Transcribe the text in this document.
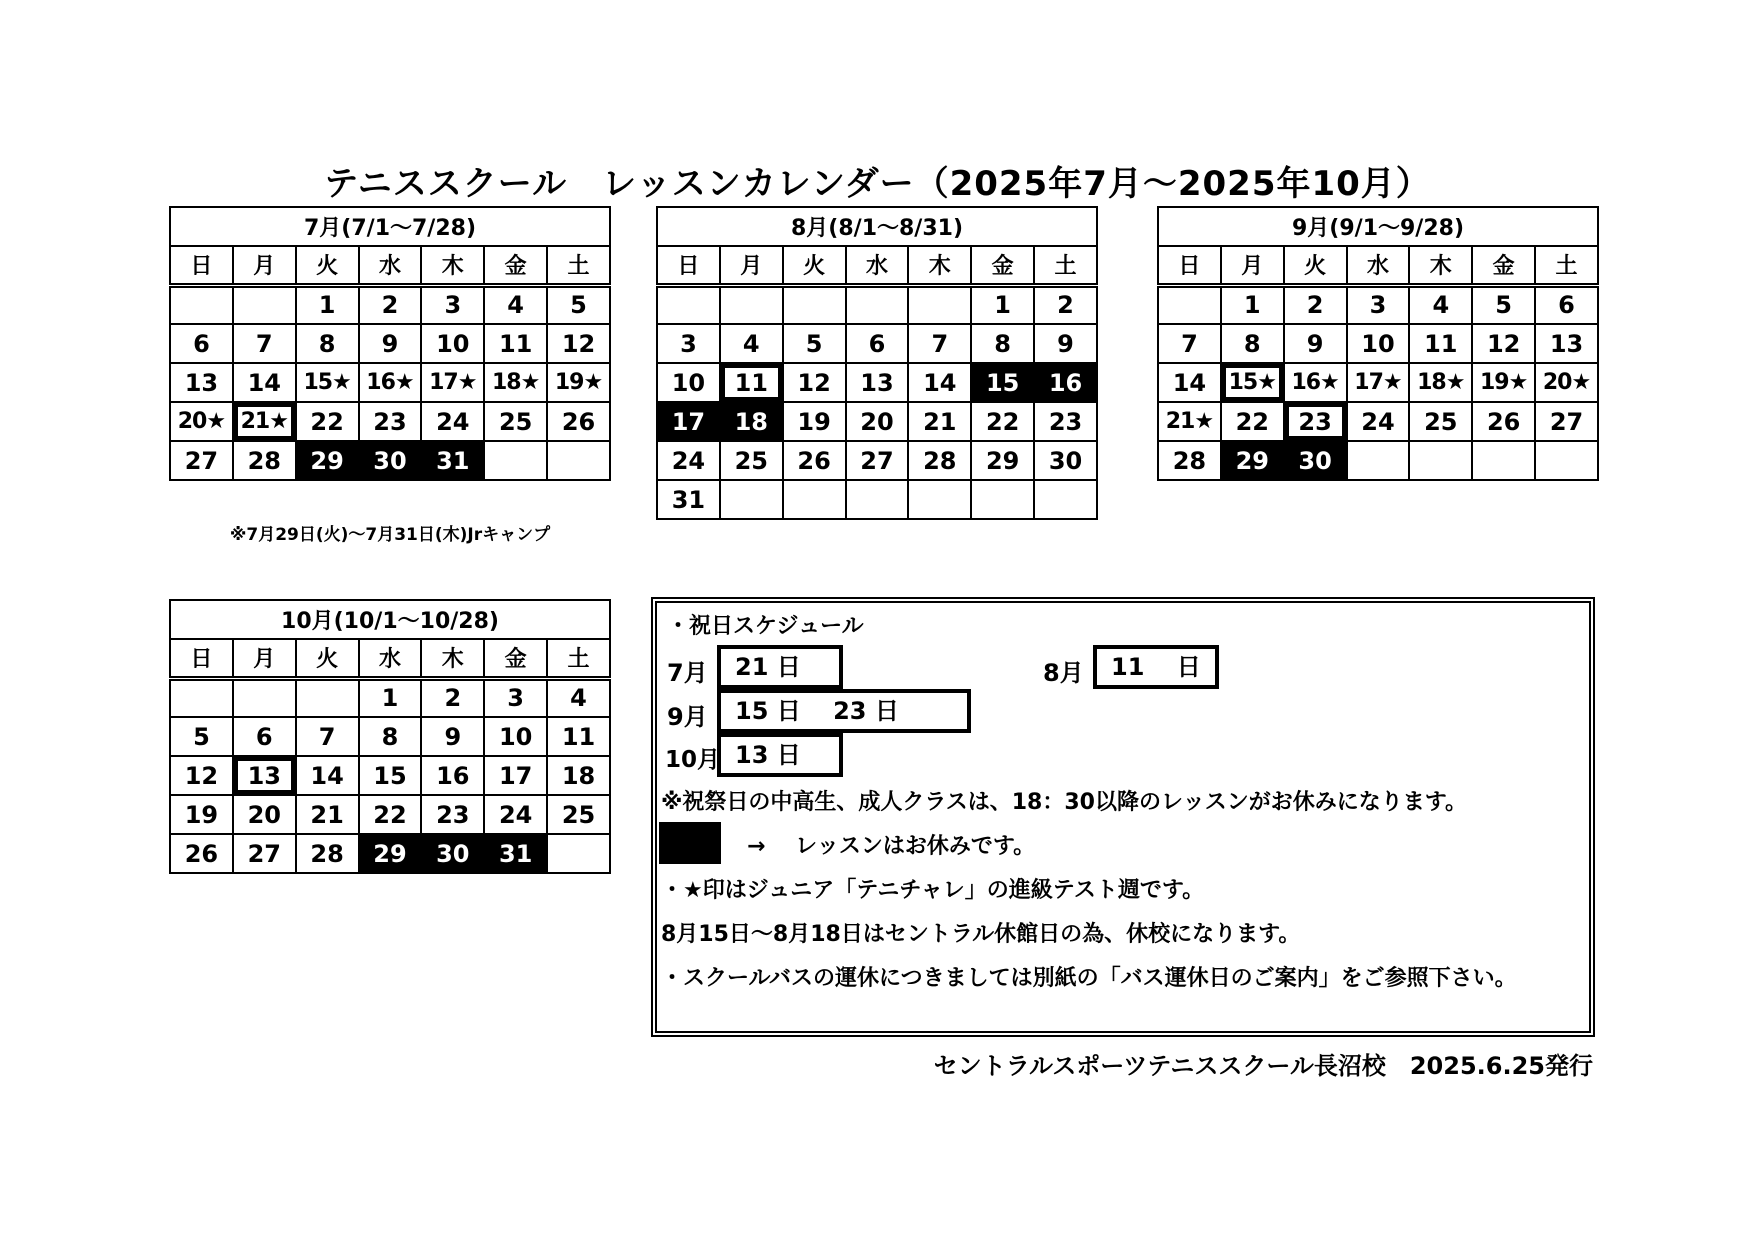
テニススクール　レッスンカレンダー（2025年7月～2025年10月）
7月(7/1～7/28)						
日	月	火	水	木	金	土
		1	2	3	4	5
6	7	8	9	10	11	12
13	14	15★	16★	17★	18★	19★
20★	21★	22	23	24	25	26
27	28	29	30	31		
※7月29日(火)～7月31日(木)Jrキャンプ
8月(8/1～8/31)						
日	月	火	水	木	金	土
					1	2
3	4	5	6	7	8	9
10	11	12	13	14	15	16
17	18	19	20	21	22	23
24	25	26	27	28	29	30
31						
9月(9/1～9/28)						
日	月	火	水	木	金	土
	1	2	3	4	5	6
7	8	9	10	11	12	13
14	15★	16★	17★	18★	19★	20★
21★	22	23	24	25	26	27
28	29	30				
10月(10/1～10/28)						
日	月	火	水	木	金	土
			1	2	3	4
5	6	7	8	9	10	11
12	13	14	15	16	17	18
19	20	21	22	23	24	25
26	27	28	29	30	31	
・祝日スケジュール
7月	21 日	8月	11　 日
9月	15 日　 23 日
10月 13 日
※祝祭日の中高生、成人クラスは、18：30以降のレッスンがお休みになります。
→　 レッスンはお休みです。
・★印はジュニア「テニチャレ」の進級テスト週です。
8月15日～8月18日はセントラル休館日の為、休校になります。
・スクールバスの運休につきましては別紙の「バス運休日のご案内」をご参照下さい。
セントラルスポーツテニススクール長沼校　2025.6.25発行
